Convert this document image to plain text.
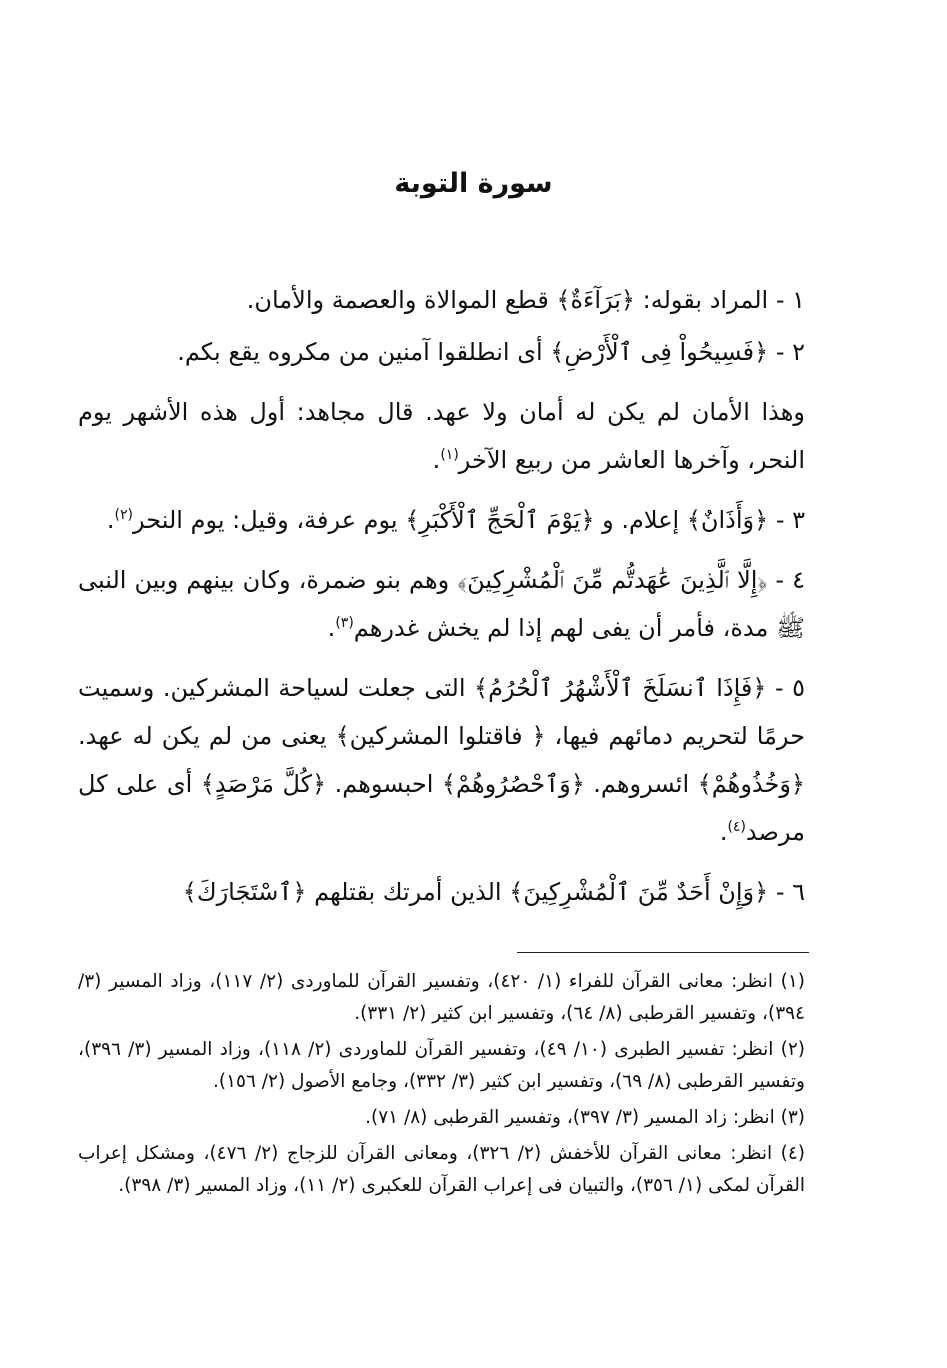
سورة التوبة

١ - المراد بقوله: ﴿بَرَآءَةٌ﴾ قطع الموالاة والعصمة والأمان.

٢ - ﴿فَسِيحُواْ فِى ٱلْأَرْضِ﴾ أى انطلقوا آمنين من مكروه يقع بكم.

وهذا الأمان لم يكن له أمان ولا عهد. قال مجاهد: أول هذه الأشهر يوم النحر، وآخرها العاشر من ربيع الآخر$^{(١)}$.

٣ - ﴿وَأَذَانٌ﴾ إعلام. و ﴿يَوْمَ ٱلْحَجِّ ٱلْأَكْبَرِ﴾ يوم عرفة، وقيل: يوم النحر$^{(٢)}$.

٤ - ﴿إِلَّا ٱلَّذِينَ عَٰهَدتُّم مِّنَ ٱلْمُشْرِكِينَ﴾ وهم بنو ضمرة، وكان بينهم وبين النبى ﷺ مدة، فأمر أن يفى لهم إذا لم يخش غدرهم$^{(٣)}$.

٥ - ﴿فَإِذَا ٱنسَلَخَ ٱلْأَشْهُرُ ٱلْحُرُمُ﴾ التى جعلت لسياحة المشركين. وسميت حرمًا لتحريم دمائهم فيها، ﴿ فاقتلوا المشركين﴾ يعنى من لم يكن له عهد. ﴿وَخُذُوهُمْ﴾ ائسروهم. ﴿وَٱحْصُرُوهُمْ﴾ احبسوهم. ﴿كُلَّ مَرْصَدٍ﴾ أى على كل مرصد$^{(٤)}$.

٦ - ﴿وَإِنْ أَحَدٌ مِّنَ ٱلْمُشْرِكِينَ﴾ الذين أمرتك بقتلهم ﴿ٱسْتَجَارَكَ﴾

(١) انظر: معانى القرآن للفراء (١/ ٤٢٠)، وتفسير القرآن للماوردى (٢/ ١١٧)، وزاد المسير (٣/ ٣٩٤)، وتفسير القرطبى (٨/ ٦٤)، وتفسير ابن كثير (٢/ ٣٣١).

(٢) انظر: تفسير الطبرى (١٠/ ٤٩)، وتفسير القرآن للماوردى (٢/ ١١٨)، وزاد المسير (٣/ ٣٩٦)، وتفسير القرطبى (٨/ ٦٩)، وتفسير ابن كثير (٣/ ٣٣٢)، وجامع الأصول (٢/ ١٥٦).

(٣) انظر: زاد المسير (٣/ ٣٩٧)، وتفسير القرطبى (٨/ ٧١).

(٤) انظر: معانى القرآن للأخفش (٢/ ٣٢٦)، ومعانى القرآن للزجاج (٢/ ٤٧٦)، ومشكل إعراب القرآن لمكى (١/ ٣٥٦)، والتبيان فى إعراب القرآن للعكبرى (٢/ ١١)، وزاد المسير (٣/ ٣٩٨).
